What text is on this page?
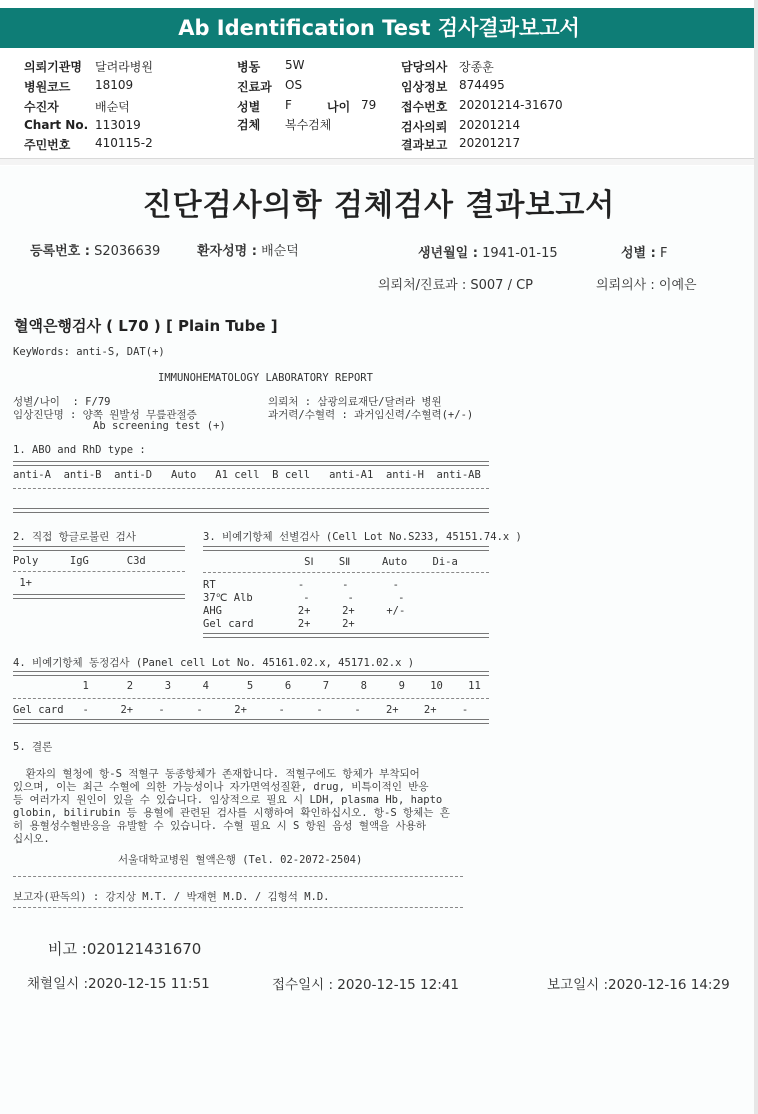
Ab Identification Test 검사결과보고서
의뢰기관명 달려라병원
병원코드 18109
수진자	배순덕
Chart No. 113019
주민번호 410115-2
병동 5W
진료과 OS
성별 F	나이 79
검체 복수검체
담당의사 장종훈
임상정보 874495
접수번호 20201214-31670
검사의뢰 20201214
결과보고 20201217
진단검사의학 검체검사 결과보고서
등록번호 : S2036639	환자성명 : 배순덕	생년월일 : 1941-01-15	성별 : F
의뢰처/진료과 : S007 / CP	의뢰의사 : 이예은
혈액은행검사 ( L70 ) [ Plain Tube ]
KeyWords: anti-S, DAT(+)
IMMUNOHEMATOLOGY LABORATORY REPORT
성별/나이  : F/79	의뢰처 : 삼광의료재단/달려라 병원
임상진단명 : 양쪽 원발성 무릎관절증	과거력/수혈력 : 과거임신력/수혈력(+/-)
Ab screening test (+)
1. ABO and RhD type :
anti-A  anti-B  anti-D   Auto   A1 cell  B cell   anti-A1  anti-H  anti-AB
2. 직접 항글로불린 검사
Poly     IgG      C3d
1+
3. 비예기항체 선별검사 (Cell Lot No.S233, 45151.74.x )
SⅠ    SⅡ     Auto    Di-a
RT             -      -       -
37℃ Alb        -      -       -
AHG            2+     2+     +/-
Gel card       2+     2+
4. 비예기항체 동정검사 (Panel cell Lot No. 45161.02.x, 45171.02.x )
1      2     3     4      5     6     7     8     9    10    11
Gel card   -     2+    -     -     2+     -     -     -    2+    2+    -
5. 결론
환자의 혈청에 항-S 적혈구 동종항체가 존재합니다. 적혈구에도 항체가 부착되어
있으며, 이는 최근 수혈에 의한 가능성이나 자가면역성질환, drug, 비특이적인 반응
등 여러가지 원인이 있을 수 있습니다. 임상적으로 필요 시 LDH, plasma Hb, hapto
globin, bilirubin 등 용혈에 관련된 검사를 시행하여 확인하십시오. 항-S 항체는 흔
히 용혈성수혈반응을 유발할 수 있습니다. 수혈 필요 시 S 항원 음성 혈액을 사용하
십시오.
서울대학교병원 혈액은행 (Tel. 02-2072-2504)
보고자(판독의) : 강지상 M.T. / 박재현 M.D. / 김형석 M.D.
비고 :020121431670
채혈일시 :2020-12-15 11:51	접수일시 : 2020-12-15 12:41	보고일시 :2020-12-16 14:29
